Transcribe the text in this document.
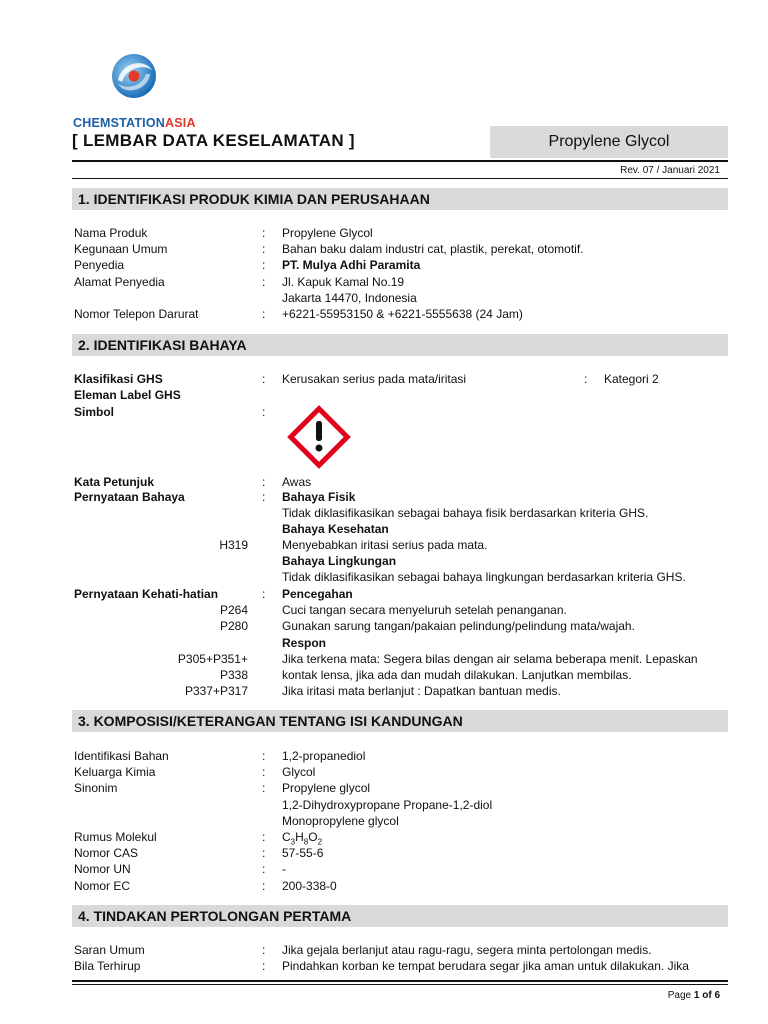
CHEMSTATIONASIA
[ LEMBAR DATA KESELAMATAN ]	Propylene Glycol
Rev. 07 / Januari 2021
1. IDENTIFIKASI PRODUK KIMIA DAN PERUSAHAAN
Nama Produk	: Propylene Glycol
Kegunaan Umum	: Bahan baku dalam industri cat, plastik, perekat, otomotif.
Penyedia	: PT. Mulya Adhi Paramita
Alamat Penyedia	: Jl. Kapuk Kamal No.19
Jakarta 14470, Indonesia
Nomor Telepon Darurat	: +6221-55953150 & +6221-5555638 (24 Jam)
2. IDENTIFIKASI BAHAYA
Klasifikasi GHS	: Kerusakan serius pada mata/iritasi	: Kategori 2
Eleman Label GHS
Simbol	:
Kata Petunjuk	: Awas
Pernyataan Bahaya	: Bahaya Fisik
Tidak diklasifikasikan sebagai bahaya fisik berdasarkan kriteria GHS.
Bahaya Kesehatan
H319	Menyebabkan iritasi serius pada mata.
Bahaya Lingkungan
Tidak diklasifikasikan sebagai bahaya lingkungan berdasarkan kriteria GHS.
Pernyataan Kehati-hatian	: Pencegahan
P264	Cuci tangan secara menyeluruh setelah penanganan.
P280	Gunakan sarung tangan/pakaian pelindung/pelindung mata/wajah.
Respon
P305+P351+	Jika terkena mata: Segera bilas dengan air selama beberapa menit. Lepaskan
P338	kontak lensa, jika ada dan mudah dilakukan. Lanjutkan membilas.
P337+P317	Jika iritasi mata berlanjut : Dapatkan bantuan medis.
3. KOMPOSISI/KETERANGAN TENTANG ISI KANDUNGAN
Identifikasi Bahan	: 1,2-propanediol
Keluarga Kimia	: Glycol
Sinonim	: Propylene glycol
1,2-Dihydroxypropane Propane-1,2-diol
Monopropylene glycol
Rumus Molekul	: $C_3H_8O_2$
Nomor CAS	: 57-55-6
Nomor UN	: -
Nomor EC	: 200-338-0
4. TINDAKAN PERTOLONGAN PERTAMA
Saran Umum	: Jika gejala berlanjut atau ragu-ragu, segera minta pertolongan medis.
Bila Terhirup	: Pindahkan korban ke tempat berudara segar jika aman untuk dilakukan. Jika
Page 1 of 6
